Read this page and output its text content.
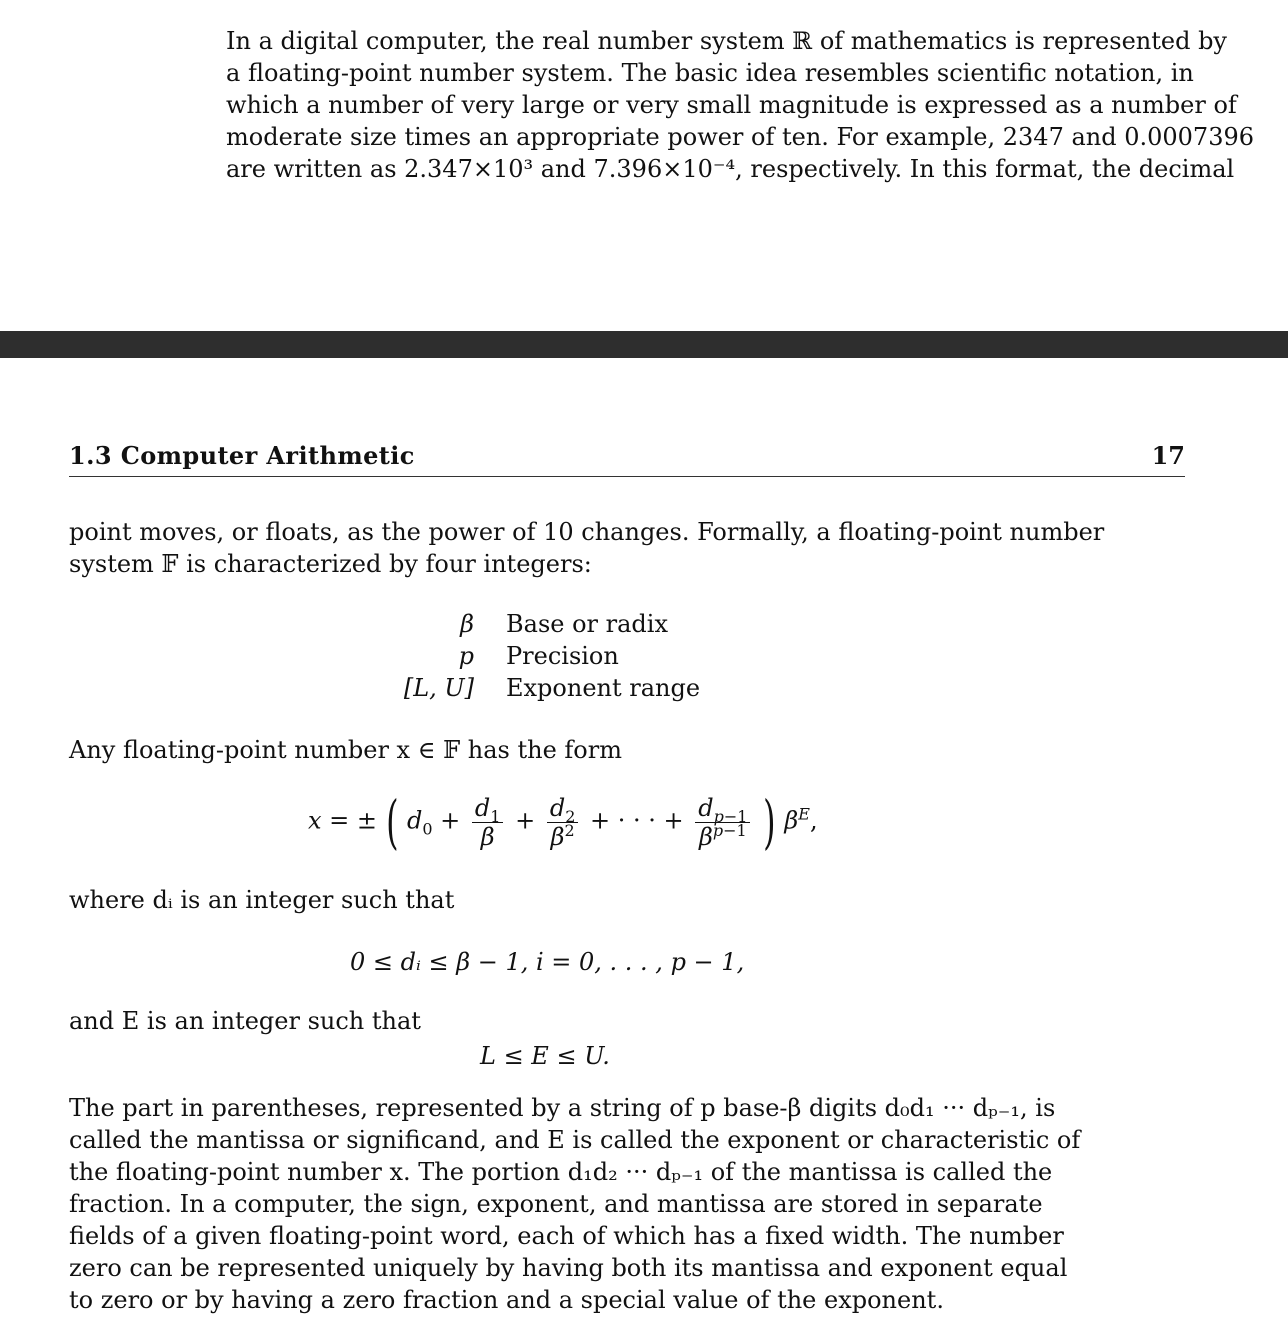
In a digital computer, the real number system ℝ of mathematics is represented by
a floating-point number system. The basic idea resembles scientific notation, in
which a number of very large or very small magnitude is expressed as a number of
moderate size times an appropriate power of ten. For example, 2347 and 0.0007396
are written as 2.347×10³ and 7.396×10⁻⁴, respectively. In this format, the decimal
1.3 Computer Arithmetic	17
point moves, or floats, as the power of 10 changes. Formally, a floating-point number
system 𝔽 is characterized by four integers:
β Base or radix
p Precision
[L, U] Exponent range
Any floating-point number x ∈ 𝔽 has the form
x = ± ( $d_0 + \frac{d_1}{\beta} + \frac{d_2}{\beta^2}$ + · · · + $\frac{d_{p-1}}{\beta^{p-1}}$ ) $\beta^E$,
where dᵢ is an integer such that
0 ≤ dᵢ ≤ β − 1, i = 0, . . . , p − 1,
and E is an integer such that
L ≤ E ≤ U.
The part in parentheses, represented by a string of p base-β digits d₀d₁ ··· dₚ₋₁, is
called the mantissa or significand, and E is called the exponent or characteristic of
the floating-point number x. The portion d₁d₂ ··· dₚ₋₁ of the mantissa is called the
fraction. In a computer, the sign, exponent, and mantissa are stored in separate
fields of a given floating-point word, each of which has a fixed width. The number
zero can be represented uniquely by having both its mantissa and exponent equal
to zero or by having a zero fraction and a special value of the exponent.
